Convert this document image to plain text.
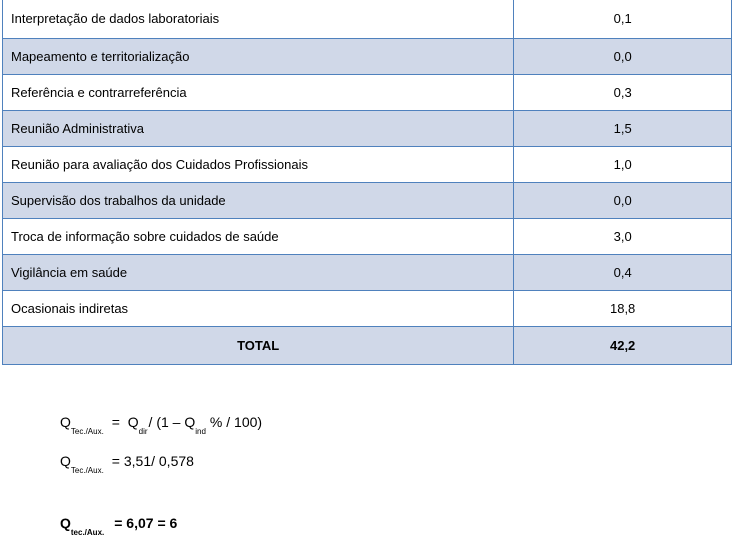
Interpretação de dados laboratoriais	0,1
Mapeamento e territorialização	0,0
Referência e contrarreferência	0,3
Reunião Administrativa	1,5
Reunião para avaliação dos Cuidados Profissionais	1,0
Supervisão dos trabalhos da unidade	0,0
Troca de informação sobre cuidados de saúde	3,0
Vigilância em saúde	0,4
Ocasionais indiretas	18,8
TOTAL	42,2
$Q_{Tec./Aux.}= Q_{dir}/$ $(1 - Q_{ind}\% / 100)$
$Q_{Tec./Aux.}= 3,51/$ 0,578
$Q_{tec./Aux.}= 6,07 = 6$
